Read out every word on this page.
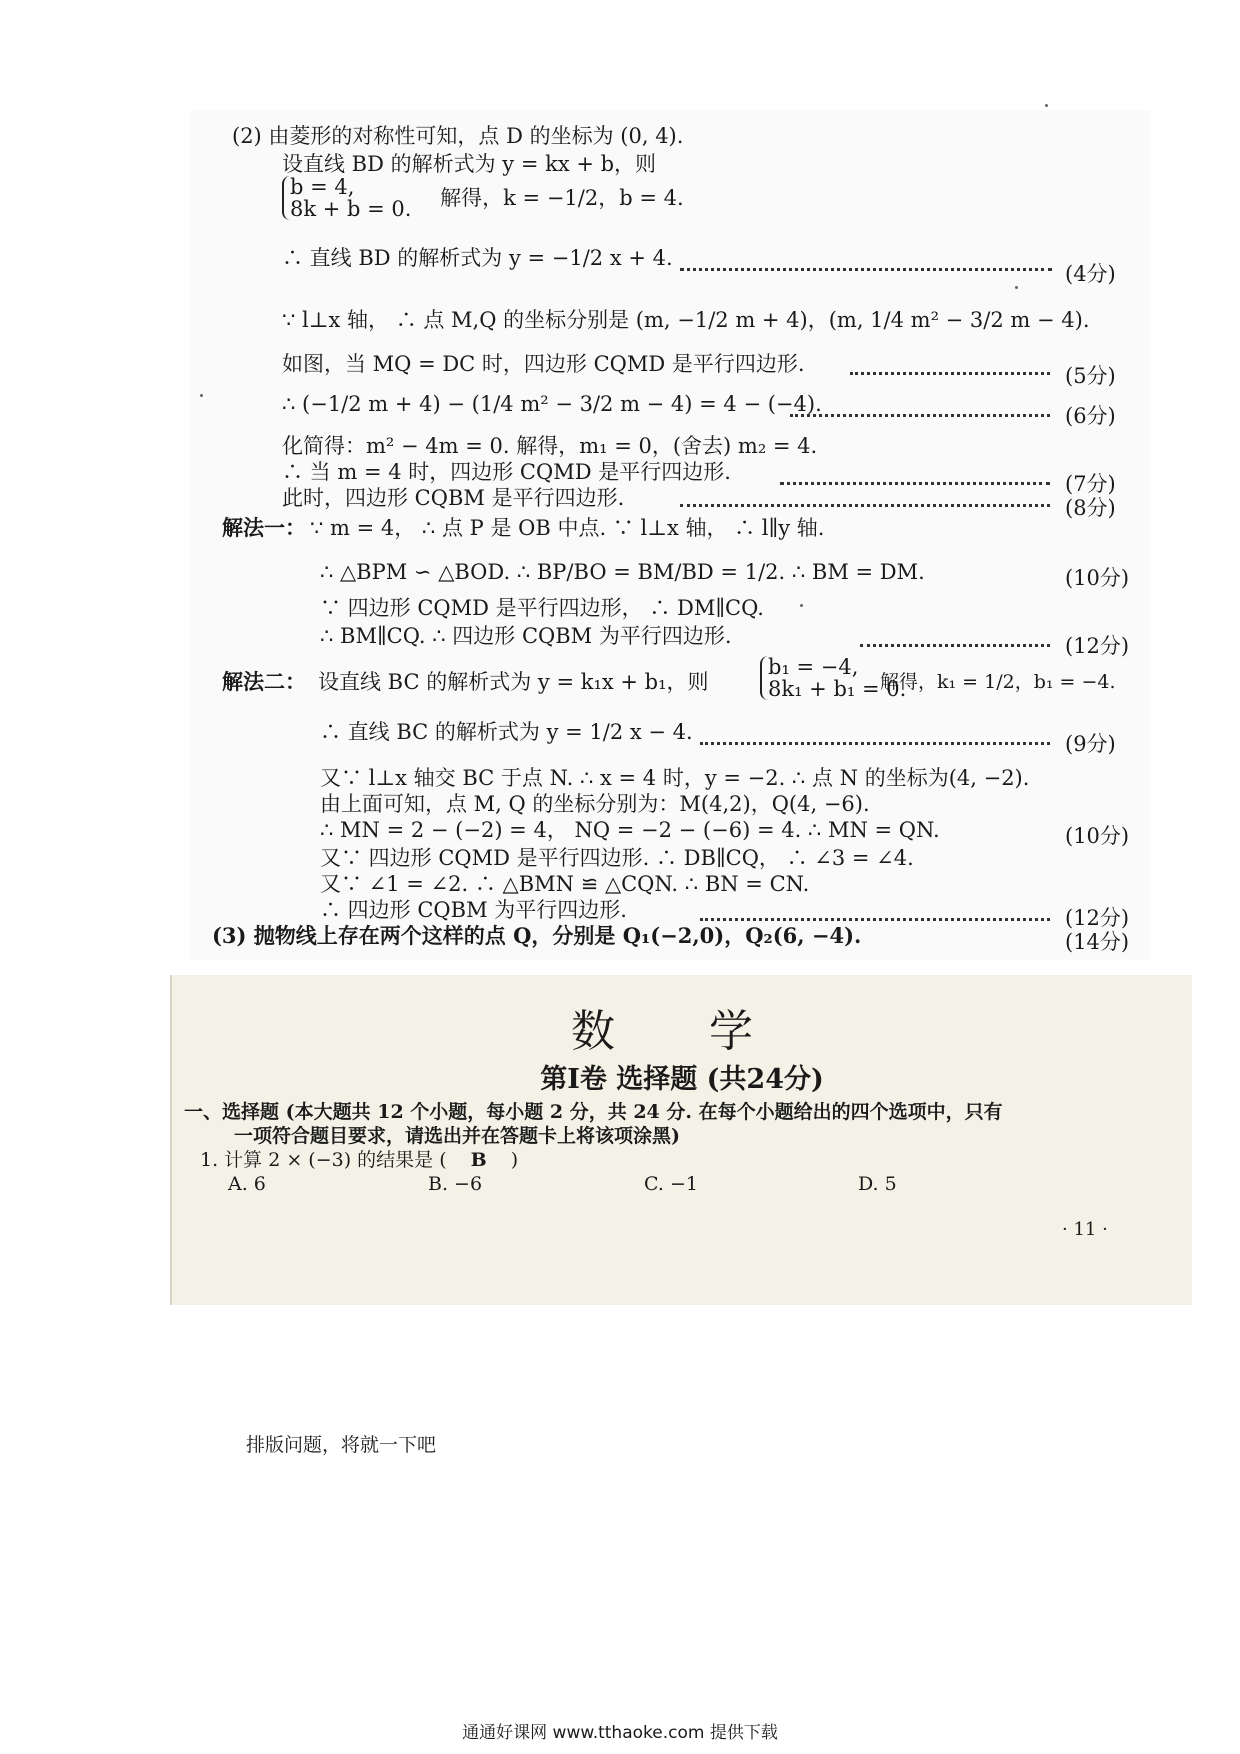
(2) 由菱形的对称性可知，点 D 的坐标为 (0, 4).
设直线 BD 的解析式为 y = kx + b，则
b = 4,
8k + b = 0. 解得，k = −1/2，b = 4.
∴ 直线 BD 的解析式为 y = −1/2 x + 4.
(4分)
∵ l⊥x 轴， ∴ 点 M,Q 的坐标分别是 (m, −1/2 m + 4)，(m, 1/4 m² − 3/2 m − 4).
如图，当 MQ = DC 时，四边形 CQMD 是平行四边形.	(5分)
∴ (−1/2 m + 4) − (1/4 m² − 3/2 m − 4) = 4 − (−4).	(6分)
化简得：m² − 4m = 0. 解得，m₁ = 0，(舍去) m₂ = 4.
∴ 当 m = 4 时，四边形 CQMD 是平行四边形.	(7分)
此时，四边形 CQBM 是平行四边形.	(8分)
解法一： ∵ m = 4， ∴ 点 P 是 OB 中点. ∵ l⊥x 轴， ∴ l∥y 轴.
∴ △BPM ∽ △BOD. ∴ BP/BO = BM/BD = 1/2. ∴ BM = DM.	(10分)
∵ 四边形 CQMD 是平行四边形， ∴ DM∥CQ.
∴ BM∥CQ. ∴ 四边形 CQBM 为平行四边形.	(12分)
解法二： 设直线 BC 的解析式为 y = k₁x + b₁，则
b₁ = −4,
8k₁ + b₁ = 0.
解得，k₁ = 1/2，b₁ = −4.
∴ 直线 BC 的解析式为 y = 1/2 x − 4.	(9分)
又∵ l⊥x 轴交 BC 于点 N. ∴ x = 4 时，y = −2. ∴ 点 N 的坐标为(4, −2).
由上面可知，点 M, Q 的坐标分别为：M(4,2)，Q(4, −6).
∴ MN = 2 − (−2) = 4， NQ = −2 − (−6) = 4. ∴ MN = QN.	(10分)
又∵ 四边形 CQMD 是平行四边形. ∴ DB∥CQ， ∴ ∠3 = ∠4.
又∵ ∠1 = ∠2. ∴ △BMN ≌ △CQN. ∴ BN = CN.
∴ 四边形 CQBM 为平行四边形.	(12分)
(3) 抛物线上存在两个这样的点 Q，分别是 Q₁(−2,0)，Q₂(6, −4).	(14分)
数 学
第Ⅰ卷 选择题 (共24分)
一、选择题 (本大题共 12 个小题，每小题 2 分，共 24 分. 在每个小题给出的四个选项中，只有
一项符合题目要求，请选出并在答题卡上将该项涂黑)
1. 计算 2 × (−3) 的结果是 ( B )
A. 6	B. −6	C. −1	D. 5
· 11 ·
排版问题，将就一下吧
通通好课网 www.tthaoke.com 提供下载
